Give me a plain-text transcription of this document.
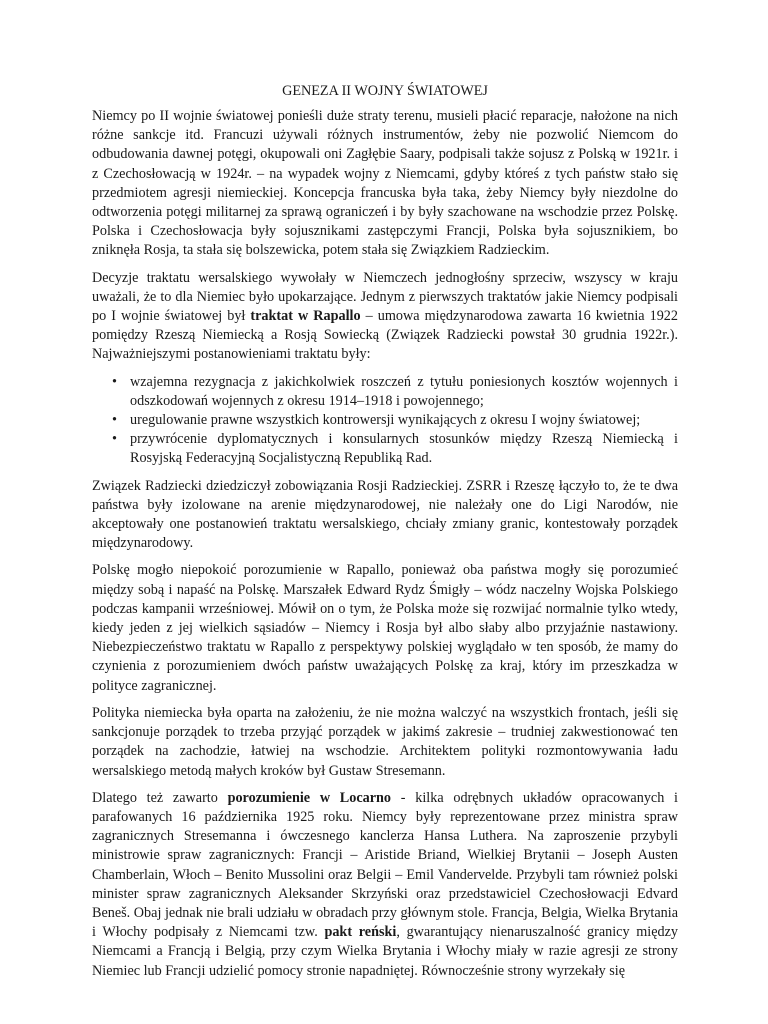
GENEZA II WOJNY ŚWIATOWEJ

Niemcy po II wojnie światowej ponieśli duże straty terenu, musieli płacić reparacje, nałożone na nich różne sankcje itd. Francuzi używali różnych instrumentów, żeby nie pozwolić Niemcom do odbudowania dawnej potęgi, okupowali oni Zagłębie Saary, podpisali także sojusz z Polską w 1921r. i z Czechosłowacją w 1924r. – na wypadek wojny z Niemcami, gdyby któreś z tych państw stało się przedmiotem agresji niemieckiej. Koncepcja francuska była taka, żeby Niemcy były niezdolne do odtworzenia potęgi militarnej za sprawą ograniczeń i by były szachowane na wschodzie przez Polskę. Polska i Czechosłowacja były sojusznikami zastępczymi Francji, Polska była sojusznikiem, bo zniknęła Rosja, ta stała się bolszewicka, potem stała się Związkiem Radzieckim.

Decyzje traktatu wersalskiego wywołały w Niemczech jednogłośny sprzeciw, wszyscy w kraju uważali, że to dla Niemiec było upokarzające. Jednym z pierwszych traktatów jakie Niemcy podpisali po I wojnie światowej był traktat w Rapallo – umowa międzynarodowa zawarta 16 kwietnia 1922 pomiędzy Rzeszą Niemiecką a Rosją Sowiecką (Związek Radziecki powstał 30 grudnia 1922r.). Najważniejszymi postanowieniami traktatu były:

• wzajemna rezygnacja z jakichkolwiek roszczeń z tytułu poniesionych kosztów wojennych i odszkodowań wojennych z okresu 1914–1918 i powojennego;
• uregulowanie prawne wszystkich kontrowersji wynikających z okresu I wojny światowej;
• przywrócenie dyplomatycznych i konsularnych stosunków między Rzeszą Niemiecką i Rosyjską Federacyjną Socjalistyczną Republiką Rad.

Związek Radziecki dziedziczył zobowiązania Rosji Radzieckiej. ZSRR i Rzeszę łączyło to, że te dwa państwa były izolowane na arenie międzynarodowej, nie należały one do Ligi Narodów, nie akceptowały one postanowień traktatu wersalskiego, chciały zmiany granic, kontestowały porządek międzynarodowy.

Polskę mogło niepokoić porozumienie w Rapallo, ponieważ oba państwa mogły się porozumieć między sobą i napaść na Polskę. Marszałek Edward Rydz Śmigły – wódz naczelny Wojska Polskiego podczas kampanii wrześniowej. Mówił on o tym, że Polska może się rozwijać normalnie tylko wtedy, kiedy jeden z jej wielkich sąsiadów – Niemcy i Rosja był albo słaby albo przyjaźnie nastawiony. Niebezpieczeństwo traktatu w Rapallo z perspektywy polskiej wyglądało w ten sposób, że mamy do czynienia z porozumieniem dwóch państw uważających Polskę za kraj, który im przeszkadza w polityce zagranicznej.

Polityka niemiecka była oparta na założeniu, że nie można walczyć na wszystkich frontach, jeśli się sankcjonuje porządek to trzeba przyjąć porządek w jakimś zakresie – trudniej zakwestionować ten porządek na zachodzie, łatwiej na wschodzie. Architektem polityki rozmontowywania ładu wersalskiego metodą małych kroków był Gustaw Stresemann.

Dlatego też zawarto porozumienie w Locarno - kilka odrębnych układów opracowanych i parafowanych 16 października 1925 roku. Niemcy były reprezentowane przez ministra spraw zagranicznych Stresemanna i ówczesnego kanclerza Hansa Luthera. Na zaproszenie przybyli ministrowie spraw zagranicznych: Francji – Aristide Briand, Wielkiej Brytanii – Joseph Austen Chamberlain, Włoch – Benito Mussolini oraz Belgii – Emil Vandervelde. Przybyli tam również polski minister spraw zagranicznych Aleksander Skrzyński oraz przedstawiciel Czechosłowacji Edvard Beneš. Obaj jednak nie brali udziału w obradach przy głównym stole. Francja, Belgia, Wielka Brytania i Włochy podpisały z Niemcami tzw. pakt reński, gwarantujący nienaruszalność granicy między Niemcami a Francją i Belgią, przy czym Wielka Brytania i Włochy miały w razie agresji ze strony Niemiec lub Francji udzielić pomocy stronie napadniętej. Równocześnie strony wyrzekały się
